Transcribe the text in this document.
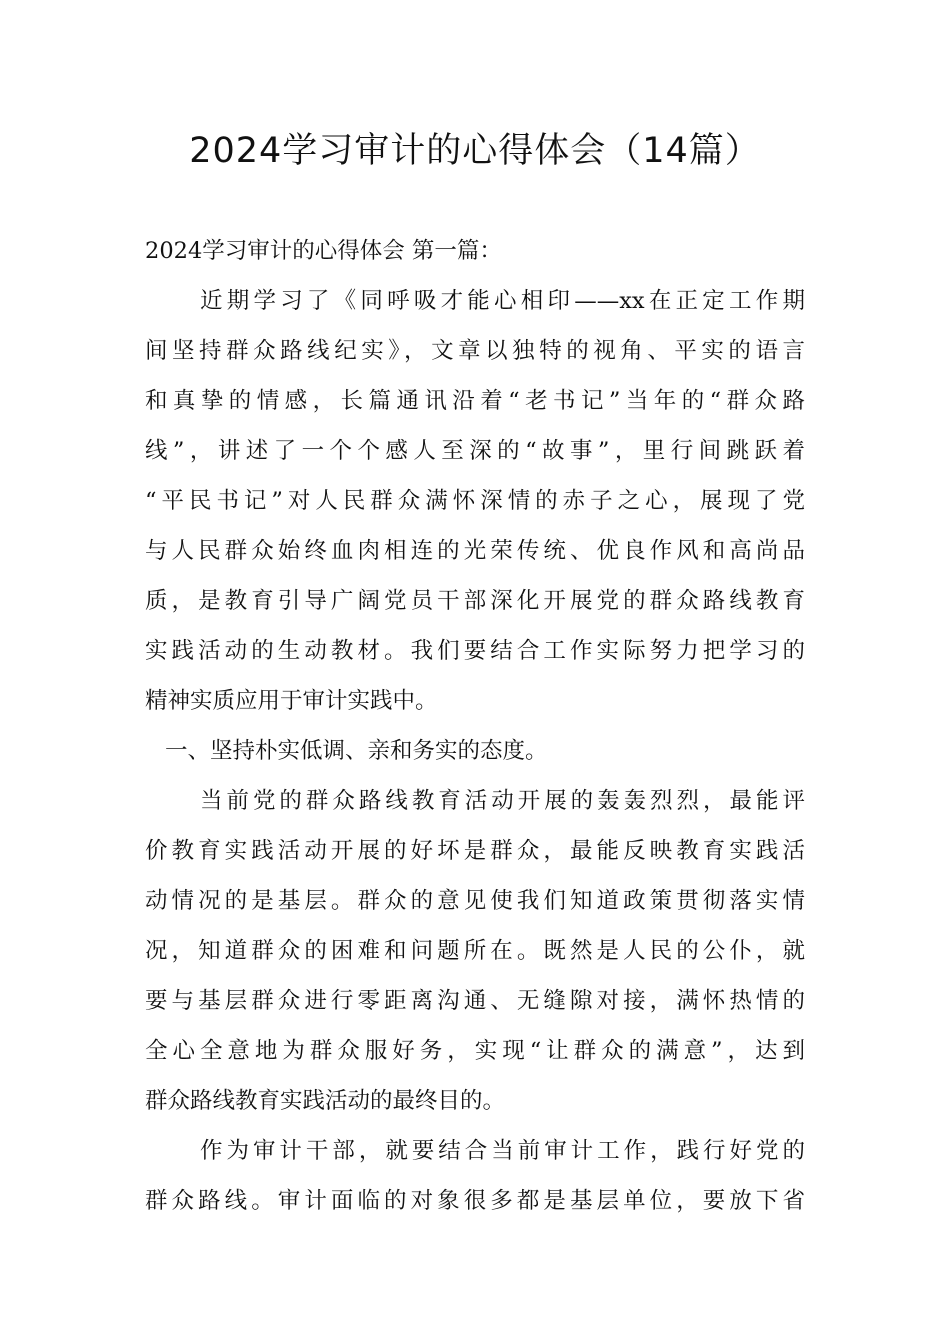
2024学习审计的心得体会（14篇）
2024学习审计的心得体会 第一篇：
近期学习了《同呼吸才能心相印——xx在正定工作期
间坚持群众路线纪实》，文章以独特的视角、平实的语言
和真挚的情感，长篇通讯沿着“老书记”当年的“群众路
线”，讲述了一个个感人至深的“故事”，里行间跳跃着
“平民书记”对人民群众满怀深情的赤子之心，展现了党
与人民群众始终血肉相连的光荣传统、优良作风和高尚品
质，是教育引导广阔党员干部深化开展党的群众路线教育
实践活动的生动教材。我们要结合工作实际努力把学习的
精神实质应用于审计实践中。
一、坚持朴实低调、亲和务实的态度。
当前党的群众路线教育活动开展的轰轰烈烈，最能评
价教育实践活动开展的好坏是群众，最能反映教育实践活
动情况的是基层。群众的意见使我们知道政策贯彻落实情
况，知道群众的困难和问题所在。既然是人民的公仆，就
要与基层群众进行零距离沟通、无缝隙对接，满怀热情的
全心全意地为群众服好务，实现“让群众的满意”，达到
群众路线教育实践活动的最终目的。
作为审计干部，就要结合当前审计工作，践行好党的
群众路线。审计面临的对象很多都是基层单位，要放下省
